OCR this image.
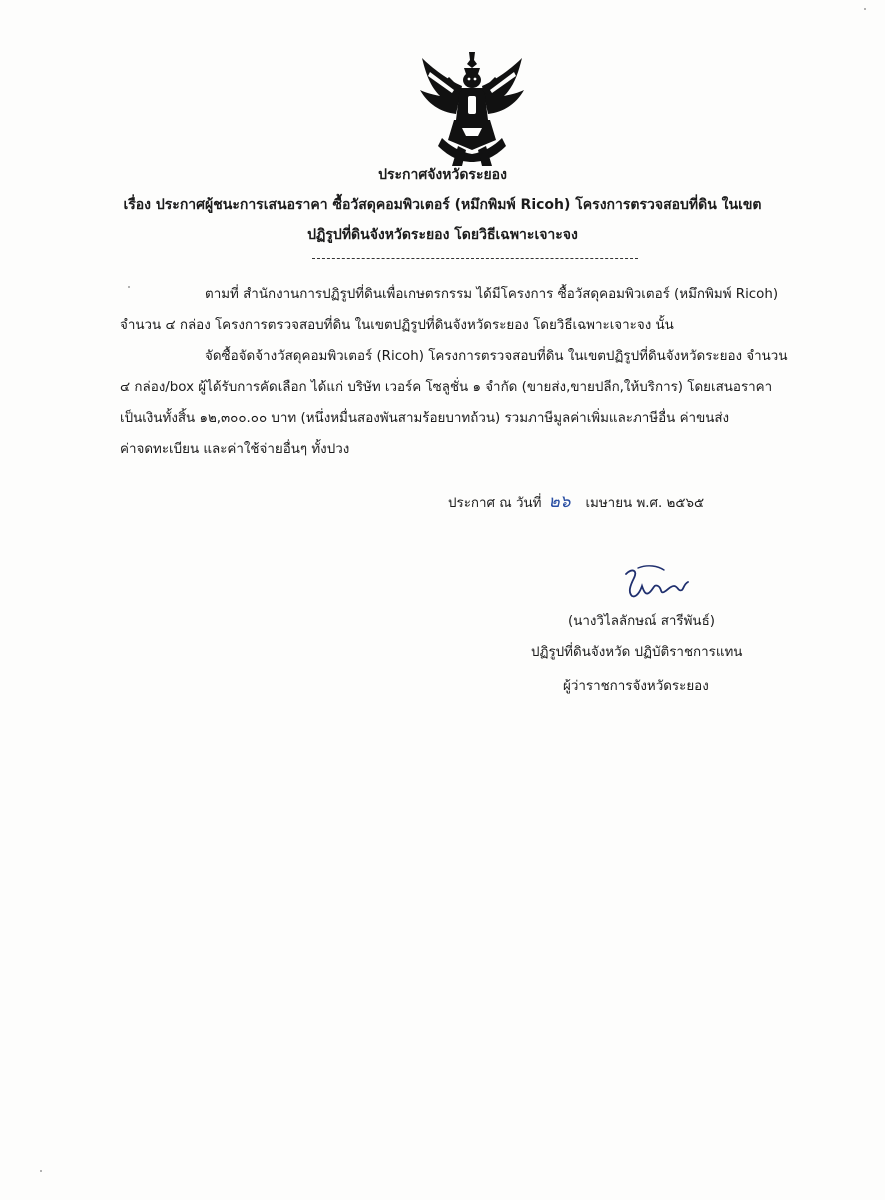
ประกาศจังหวัดระยอง
เรื่อง ประกาศผู้ชนะการเสนอราคา ซื้อวัสดุคอมพิวเตอร์ (หมึกพิมพ์ Ricoh) โครงการตรวจสอบที่ดิน ในเขต
ปฏิรูปที่ดินจังหวัดระยอง โดยวิธีเฉพาะเจาะจง
ตามที่ สำนักงานการปฏิรูปที่ดินเพื่อเกษตรกรรม ได้มีโครงการ ซื้อวัสดุคอมพิวเตอร์ (หมึกพิมพ์ Ricoh)
จำนวน ๔ กล่อง โครงการตรวจสอบที่ดิน ในเขตปฏิรูปที่ดินจังหวัดระยอง โดยวิธีเฉพาะเจาะจง นั้น
จัดซื้อจัดจ้างวัสดุคอมพิวเตอร์ (Ricoh) โครงการตรวจสอบที่ดิน ในเขตปฏิรูปที่ดินจังหวัดระยอง จำนวน
๔ กล่อง/box ผู้ได้รับการคัดเลือก ได้แก่ บริษัท เวอร์ค โซลูชั่น ๑ จำกัด (ขายส่ง,ขายปลีก,ให้บริการ) โดยเสนอราคา
เป็นเงินทั้งสิ้น ๑๒,๓๐๐.๐๐ บาท (หนึ่งหมื่นสองพันสามร้อยบาทถ้วน) รวมภาษีมูลค่าเพิ่มและภาษีอื่น ค่าขนส่ง
ค่าจดทะเบียน และค่าใช้จ่ายอื่นๆ ทั้งปวง
ประกาศ ณ วันที่ ๒๖ เมษายน พ.ศ. ๒๕๖๕
(นางวิไลลักษณ์ สารีพันธ์)
ปฏิรูปที่ดินจังหวัด ปฏิบัติราชการแทน
ผู้ว่าราชการจังหวัดระยอง
